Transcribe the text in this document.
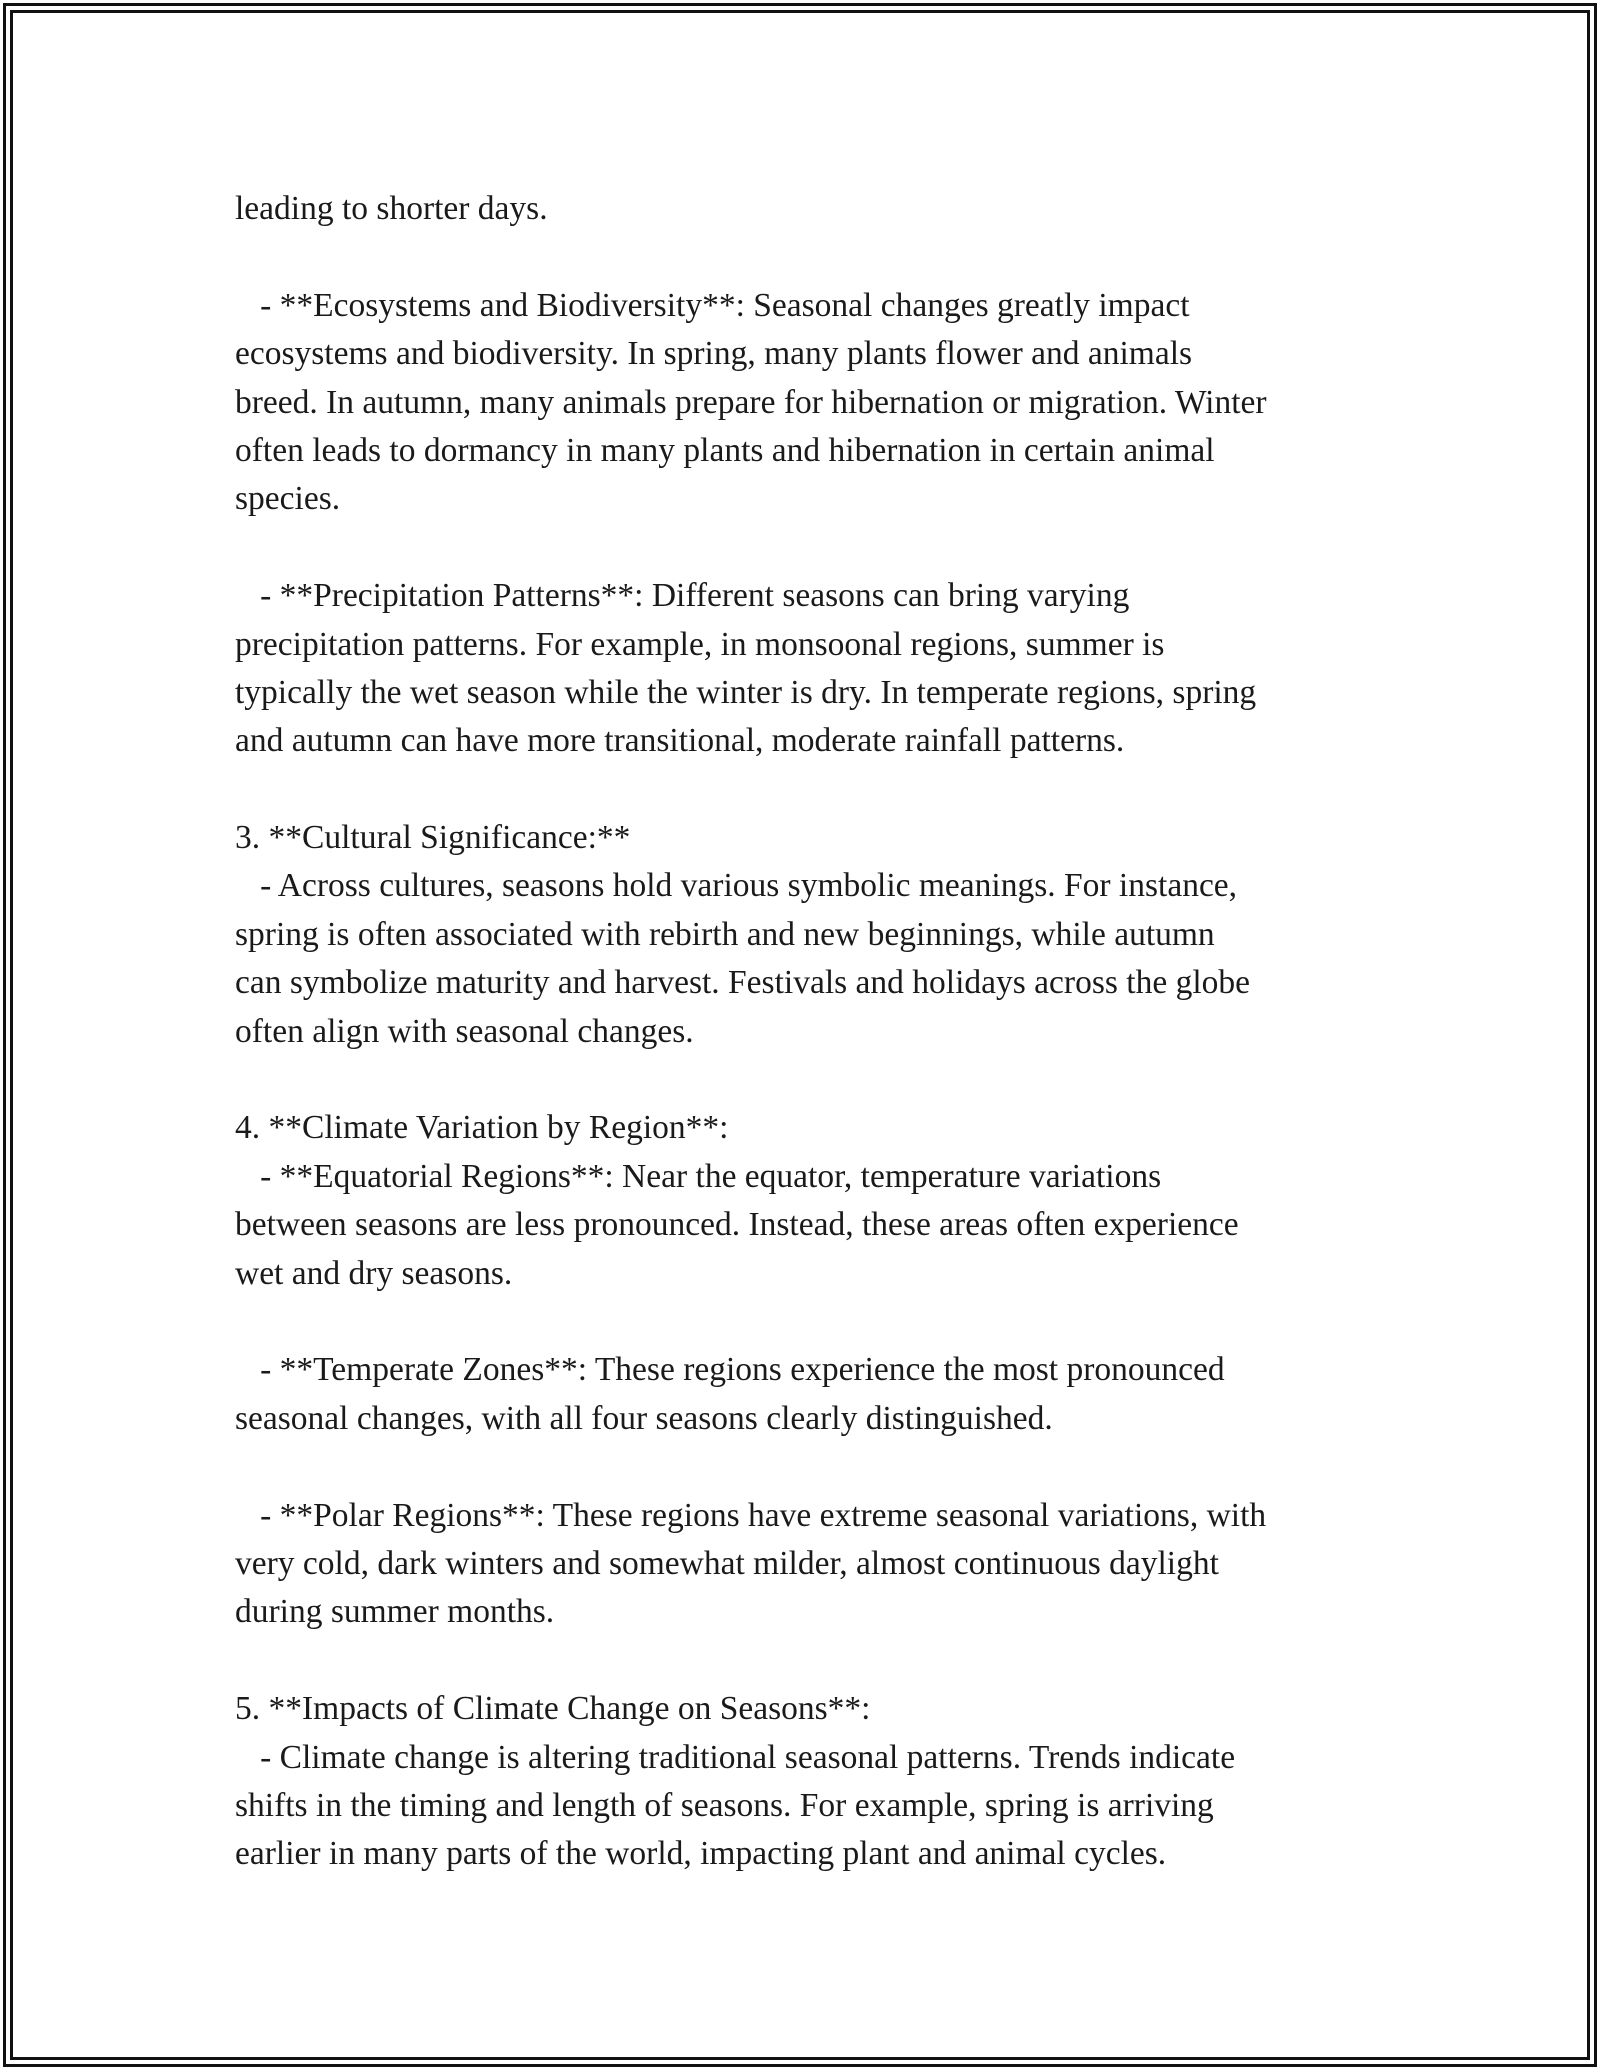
leading to shorter days.
- **Ecosystems and Biodiversity**: Seasonal changes greatly impact
ecosystems and biodiversity. In spring, many plants flower and animals
breed. In autumn, many animals prepare for hibernation or migration. Winter
often leads to dormancy in many plants and hibernation in certain animal
species.
- **Precipitation Patterns**: Different seasons can bring varying
precipitation patterns. For example, in monsoonal regions, summer is
typically the wet season while the winter is dry. In temperate regions, spring
and autumn can have more transitional, moderate rainfall patterns.
3. **Cultural Significance:**
- Across cultures, seasons hold various symbolic meanings. For instance,
spring is often associated with rebirth and new beginnings, while autumn
can symbolize maturity and harvest. Festivals and holidays across the globe
often align with seasonal changes.
4. **Climate Variation by Region**:
- **Equatorial Regions**: Near the equator, temperature variations
between seasons are less pronounced. Instead, these areas often experience
wet and dry seasons.
- **Temperate Zones**: These regions experience the most pronounced
seasonal changes, with all four seasons clearly distinguished.
- **Polar Regions**: These regions have extreme seasonal variations, with
very cold, dark winters and somewhat milder, almost continuous daylight
during summer months.
5. **Impacts of Climate Change on Seasons**:
- Climate change is altering traditional seasonal patterns. Trends indicate
shifts in the timing and length of seasons. For example, spring is arriving
earlier in many parts of the world, impacting plant and animal cycles.
